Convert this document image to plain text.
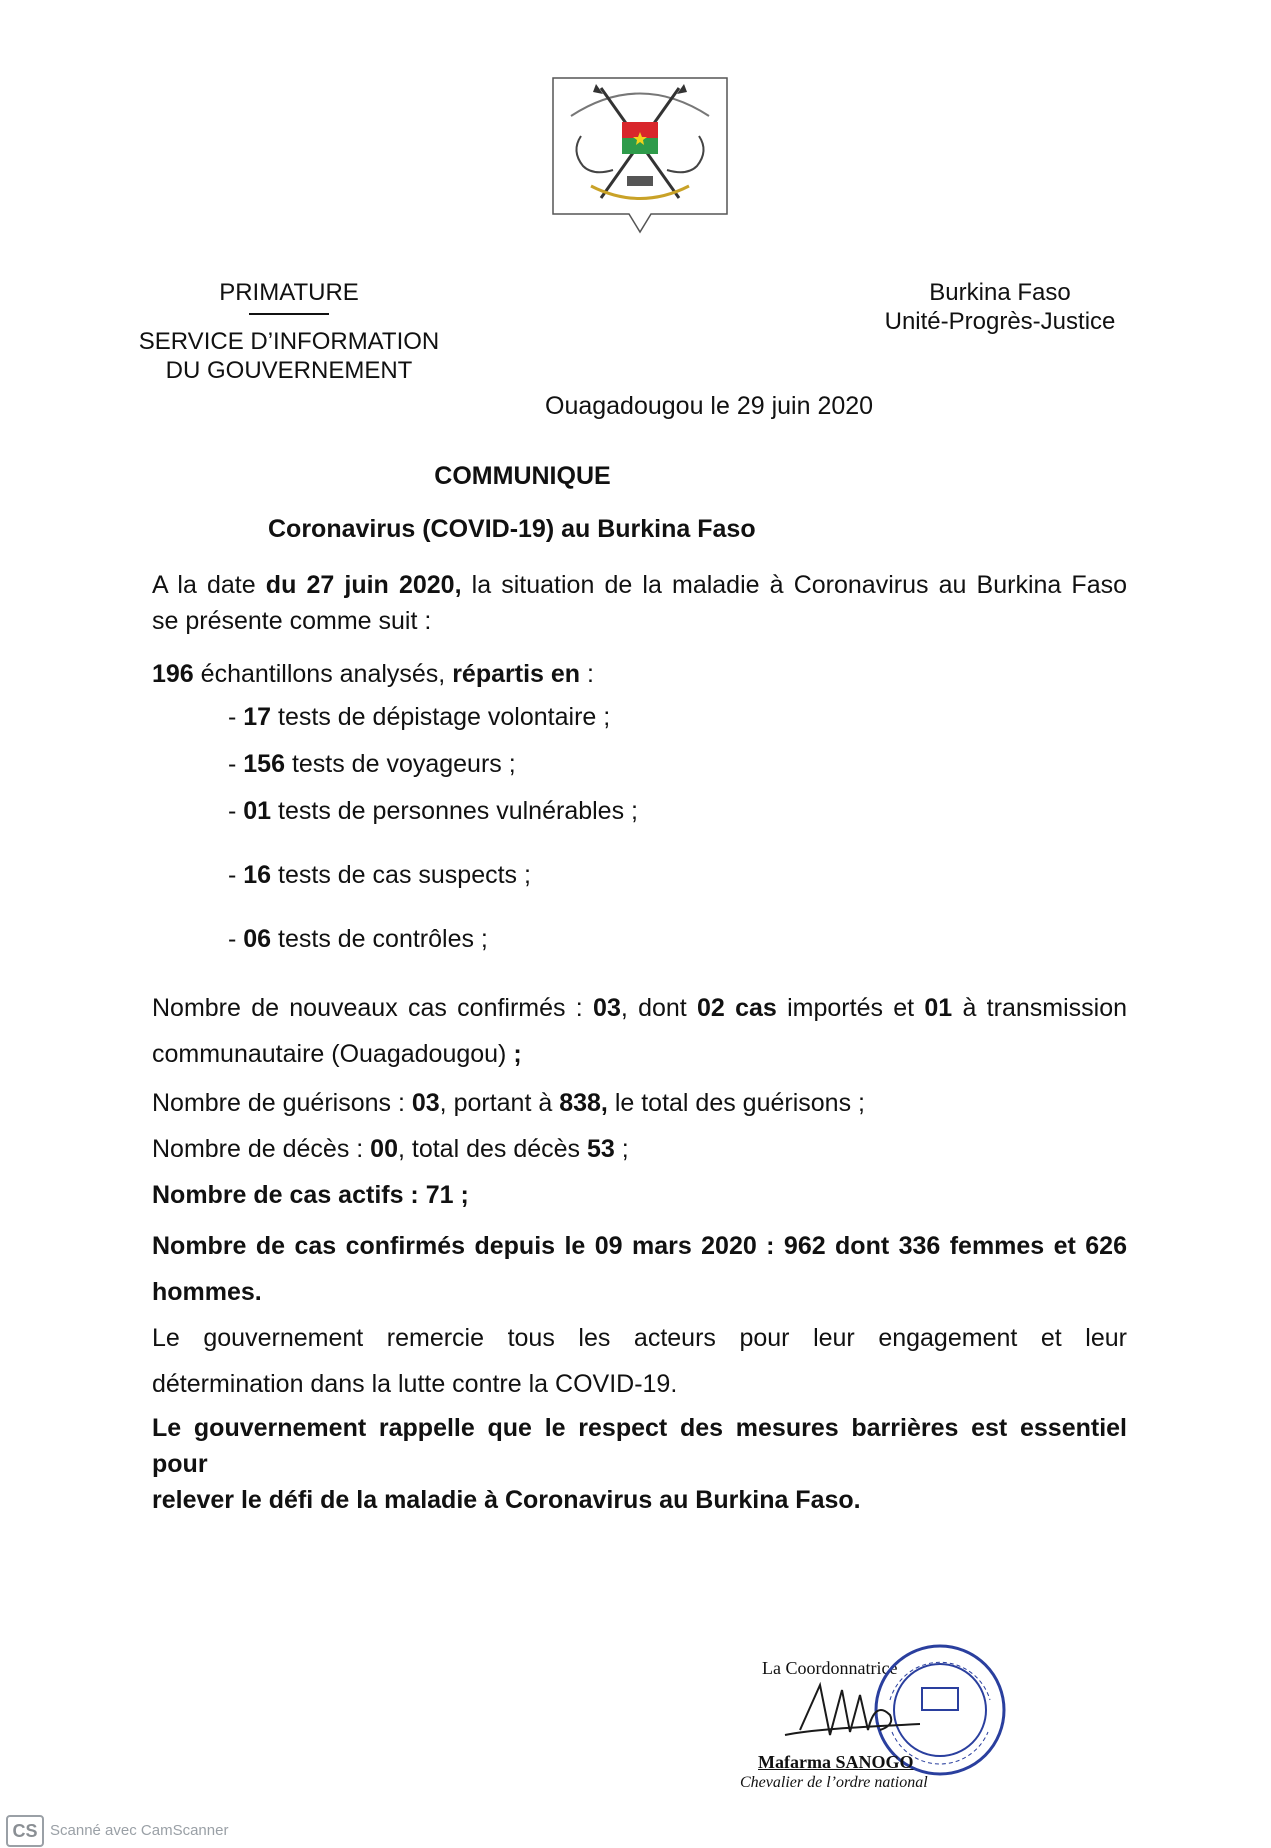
PRIMATURE
SERVICE D’INFORMATION
DU GOUVERNEMENT
Burkina Faso
Unité-Progrès-Justice
Ouagadougou le 29 juin 2020
COMMUNIQUE
Coronavirus (COVID-19) au Burkina Faso
A la date du 27 juin 2020, la situation de la maladie à Coronavirus au Burkina Faso
se présente comme suit :
196 échantillons analysés, répartis en :
- 17 tests de dépistage volontaire ;
- 156 tests de voyageurs ;
- 01 tests de personnes vulnérables ;
- 16 tests de cas suspects ;
- 06 tests de contrôles ;
Nombre de nouveaux cas confirmés : 03, dont 02 cas importés et 01 à transmission
communautaire (Ouagadougou) ;
Nombre de guérisons : 03, portant à 838, le total des guérisons ;
Nombre de décès : 00, total des décès 53 ;
Nombre de cas actifs : 71 ;
Nombre de cas confirmés depuis le 09 mars 2020 : 962 dont 336 femmes et 626
hommes.
Le gouvernement remercie tous les acteurs pour leur engagement et leur
détermination dans la lutte contre la COVID-19.
Le gouvernement rappelle que le respect des mesures barrières est essentiel pour
relever le défi de la maladie à Coronavirus au Burkina Faso.
La Coordonnatrice
Mafarma SANOGO
Chevalier de l’ordre national
CS Scanné avec CamScanner
